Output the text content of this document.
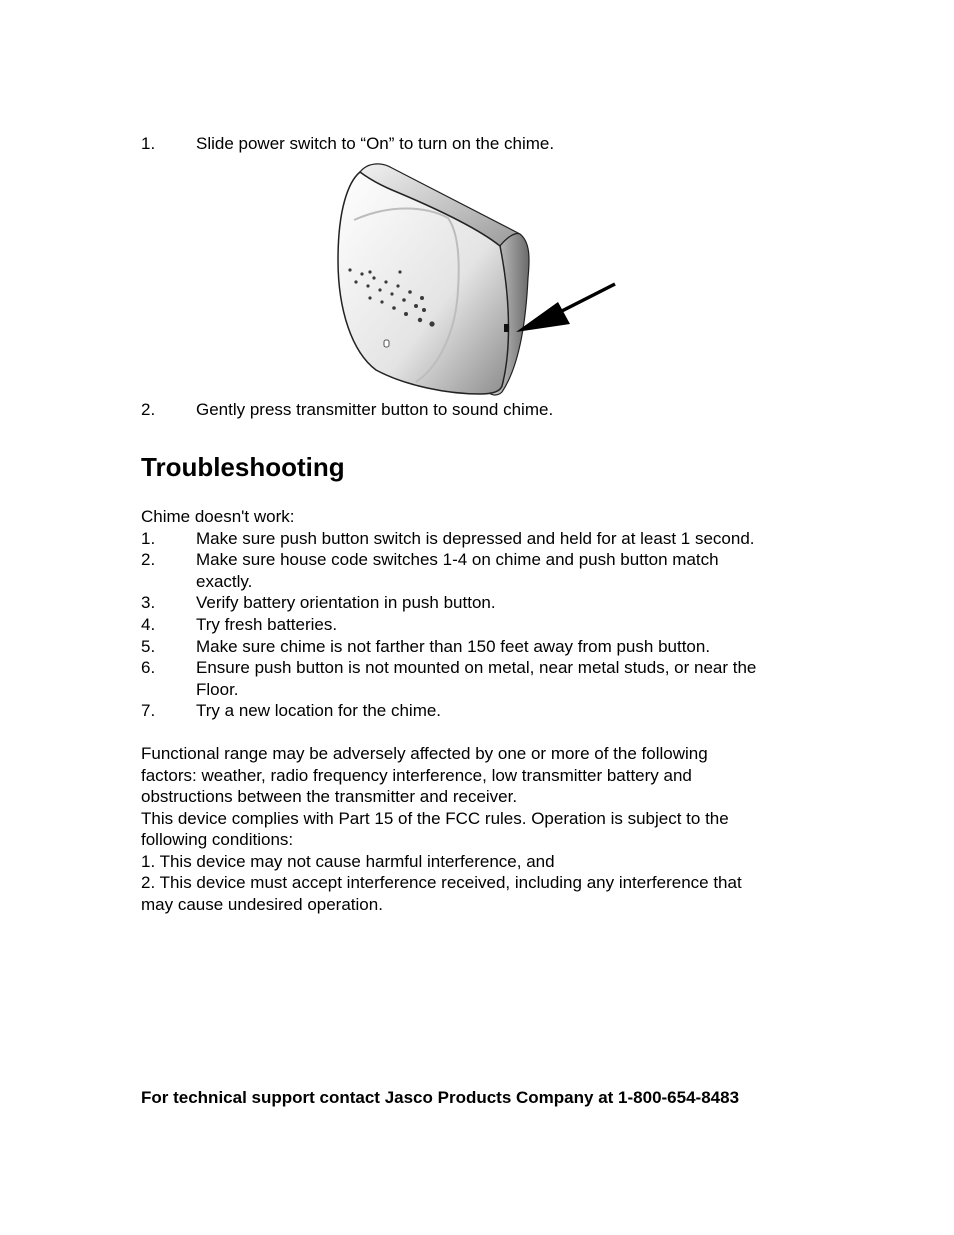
1. Slide power switch to “On” to turn on the chime.
2. Gently press transmitter button to sound chime.
Troubleshooting
Chime doesn't work:
1. Make sure push button switch is depressed and held for at least 1 second.
2. Make sure house code switches 1-4 on chime and push button match
exactly.
3. Verify battery orientation in push button.
4. Try fresh batteries.
5. Make sure chime is not farther than 150 feet away from push button.
6. Ensure push button is not mounted on metal, near metal studs, or near the
Floor.
7. Try a new location for the chime.
Functional range may be adversely affected by one or more of the following
factors: weather, radio frequency interference, low transmitter battery and
obstructions between the transmitter and receiver.
This device complies with Part 15 of the FCC rules. Operation is subject to the
following conditions:
1. This device may not cause harmful interference, and
2. This device must accept interference received, including any interference that
may cause undesired operation.
For technical support contact Jasco Products Company at 1-800-654-8483
